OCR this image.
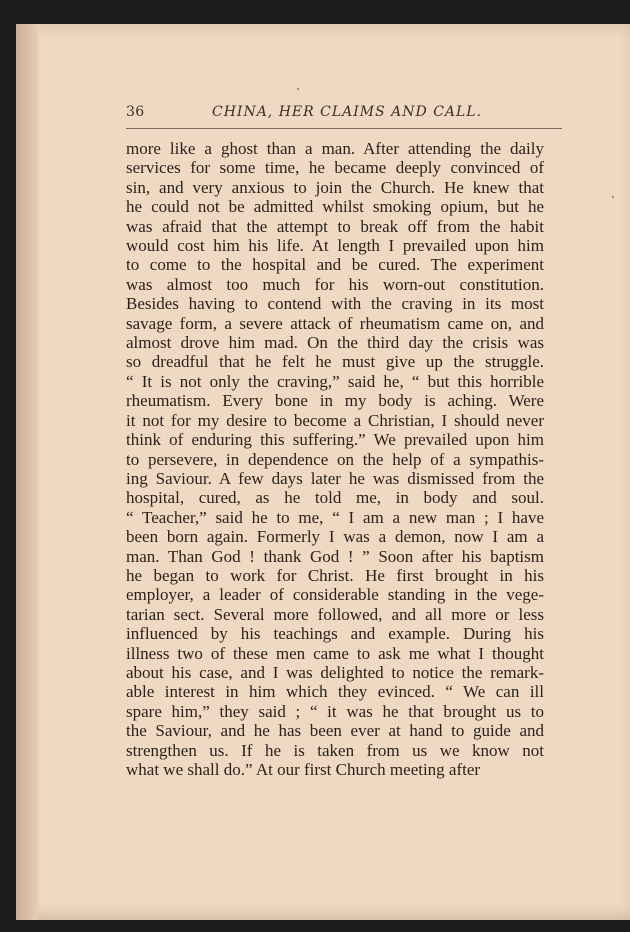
36	CHINA, HER CLAIMS AND CALL.
more like a ghost than a man. After attending the daily
services for some time, he became deeply convinced of
sin, and very anxious to join the Church. He knew that
he could not be admitted whilst smoking opium, but he
was afraid that the attempt to break off from the habit
would cost him his life. At length I prevailed upon him
to come to the hospital and be cured. The experiment
was almost too much for his worn-out constitution.
Besides having to contend with the craving in its most
savage form, a severe attack of rheumatism came on, and
almost drove him mad. On the third day the crisis was
so dreadful that he felt he must give up the struggle.
“ It is not only the craving,” said he, “ but this horrible
rheumatism. Every bone in my body is aching. Were
it not for my desire to become a Christian, I should never
think of enduring this suffering.” We prevailed upon him
to persevere, in dependence on the help of a sympathis-
ing Saviour. A few days later he was dismissed from the
hospital, cured, as he told me, in body and soul.
“ Teacher,” said he to me, “ I am a new man ; I have
been born again. Formerly I was a demon, now I am a
man. Than God ! thank God ! ” Soon after his baptism
he began to work for Christ. He first brought in his
employer, a leader of considerable standing in the vege-
tarian sect. Several more followed, and all more or less
influenced by his teachings and example. During his
illness two of these men came to ask me what I thought
about his case, and I was delighted to notice the remark-
able interest in him which they evinced. “ We can ill
spare him,” they said ; “ it was he that brought us to
the Saviour, and he has been ever at hand to guide and
strengthen us. If he is taken from us we know not
what we shall do.” At our first Church meeting after
